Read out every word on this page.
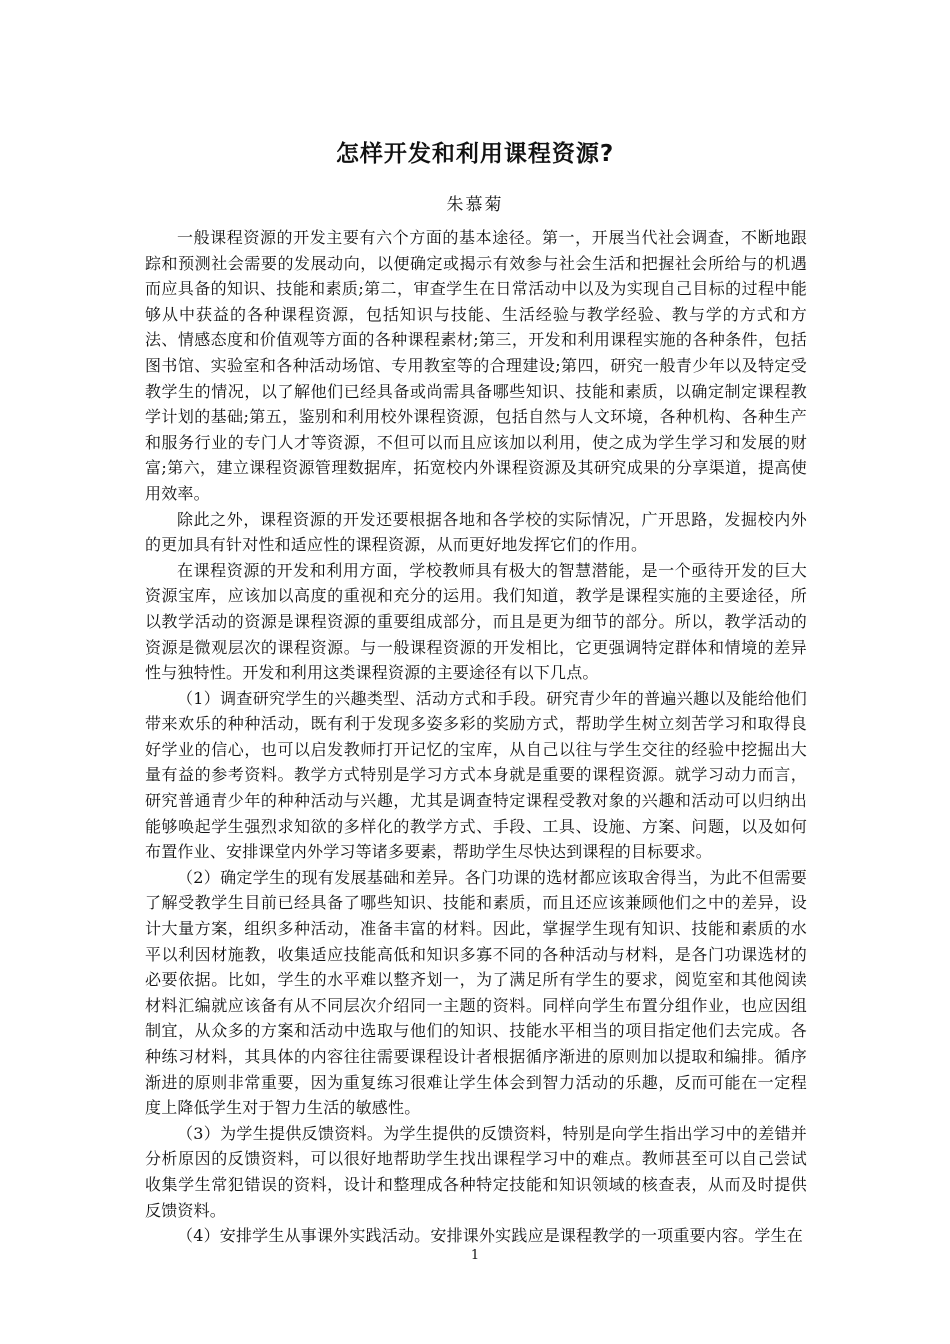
怎样开发和利用课程资源?
朱慕菊

一般课程资源的开发主要有六个方面的基本途径。第一，开展当代社会调查，不断地跟踪和预测社会需要的发展动向，以便确定或揭示有效参与社会生活和把握社会所给与的机遇而应具备的知识、技能和素质;第二，审查学生在日常活动中以及为实现自己目标的过程中能够从中获益的各种课程资源，包括知识与技能、生活经验与教学经验、教与学的方式和方法、情感态度和价值观等方面的各种课程素材;第三，开发和利用课程实施的各种条件，包括图书馆、实验室和各种活动场馆、专用教室等的合理建设;第四，研究一般青少年以及特定受教学生的情况，以了解他们已经具备或尚需具备哪些知识、技能和素质，以确定制定课程教学计划的基础;第五，鉴别和利用校外课程资源，包括自然与人文环境，各种机构、各种生产和服务行业的专门人才等资源，不但可以而且应该加以利用，使之成为学生学习和发展的财富;第六，建立课程资源管理数据库，拓宽校内外课程资源及其研究成果的分享渠道，提高使用效率。

除此之外，课程资源的开发还要根据各地和各学校的实际情况，广开思路，发掘校内外的更加具有针对性和适应性的课程资源，从而更好地发挥它们的作用。

在课程资源的开发和利用方面，学校教师具有极大的智慧潜能，是一个亟待开发的巨大资源宝库，应该加以高度的重视和充分的运用。我们知道，教学是课程实施的主要途径，所以教学活动的资源是课程资源的重要组成部分，而且是更为细节的部分。所以，教学活动的资源是微观层次的课程资源。与一般课程资源的开发相比，它更强调特定群体和情境的差异性与独特性。开发和利用这类课程资源的主要途径有以下几点。

（1）调查研究学生的兴趣类型、活动方式和手段。研究青少年的普遍兴趣以及能给他们带来欢乐的种种活动，既有利于发现多姿多彩的奖励方式，帮助学生树立刻苦学习和取得良好学业的信心，也可以启发教师打开记忆的宝库，从自己以往与学生交往的经验中挖掘出大量有益的参考资料。教学方式特别是学习方式本身就是重要的课程资源。就学习动力而言，研究普通青少年的种种活动与兴趣，尤其是调查特定课程受教对象的兴趣和活动可以归纳出能够唤起学生强烈求知欲的多样化的教学方式、手段、工具、设施、方案、问题，以及如何布置作业、安排课堂内外学习等诸多要素，帮助学生尽快达到课程的目标要求。

（2）确定学生的现有发展基础和差异。各门功课的选材都应该取舍得当，为此不但需要了解受教学生目前已经具备了哪些知识、技能和素质，而且还应该兼顾他们之中的差异，设计大量方案，组织多种活动，准备丰富的材料。因此，掌握学生现有知识、技能和素质的水平以利因材施教，收集适应技能高低和知识多寡不同的各种活动与材料，是各门功课选材的必要依据。比如，学生的水平难以整齐划一，为了满足所有学生的要求，阅览室和其他阅读材料汇编就应该备有从不同层次介绍同一主题的资料。同样向学生布置分组作业，也应因组制宜，从众多的方案和活动中选取与他们的知识、技能水平相当的项目指定他们去完成。各种练习材料，其具体的内容往往需要课程设计者根据循序渐进的原则加以提取和编排。循序渐进的原则非常重要，因为重复练习很难让学生体会到智力活动的乐趣，反而可能在一定程度上降低学生对于智力生活的敏感性。

（3）为学生提供反馈资料。为学生提供的反馈资料，特别是向学生指出学习中的差错并分析原因的反馈资料，可以很好地帮助学生找出课程学习中的难点。教师甚至可以自己尝试收集学生常犯错误的资料，设计和整理成各种特定技能和知识领域的核查表，从而及时提供反馈资料。

（4）安排学生从事课外实践活动。安排课外实践应是课程教学的一项重要内容。学生在

1
